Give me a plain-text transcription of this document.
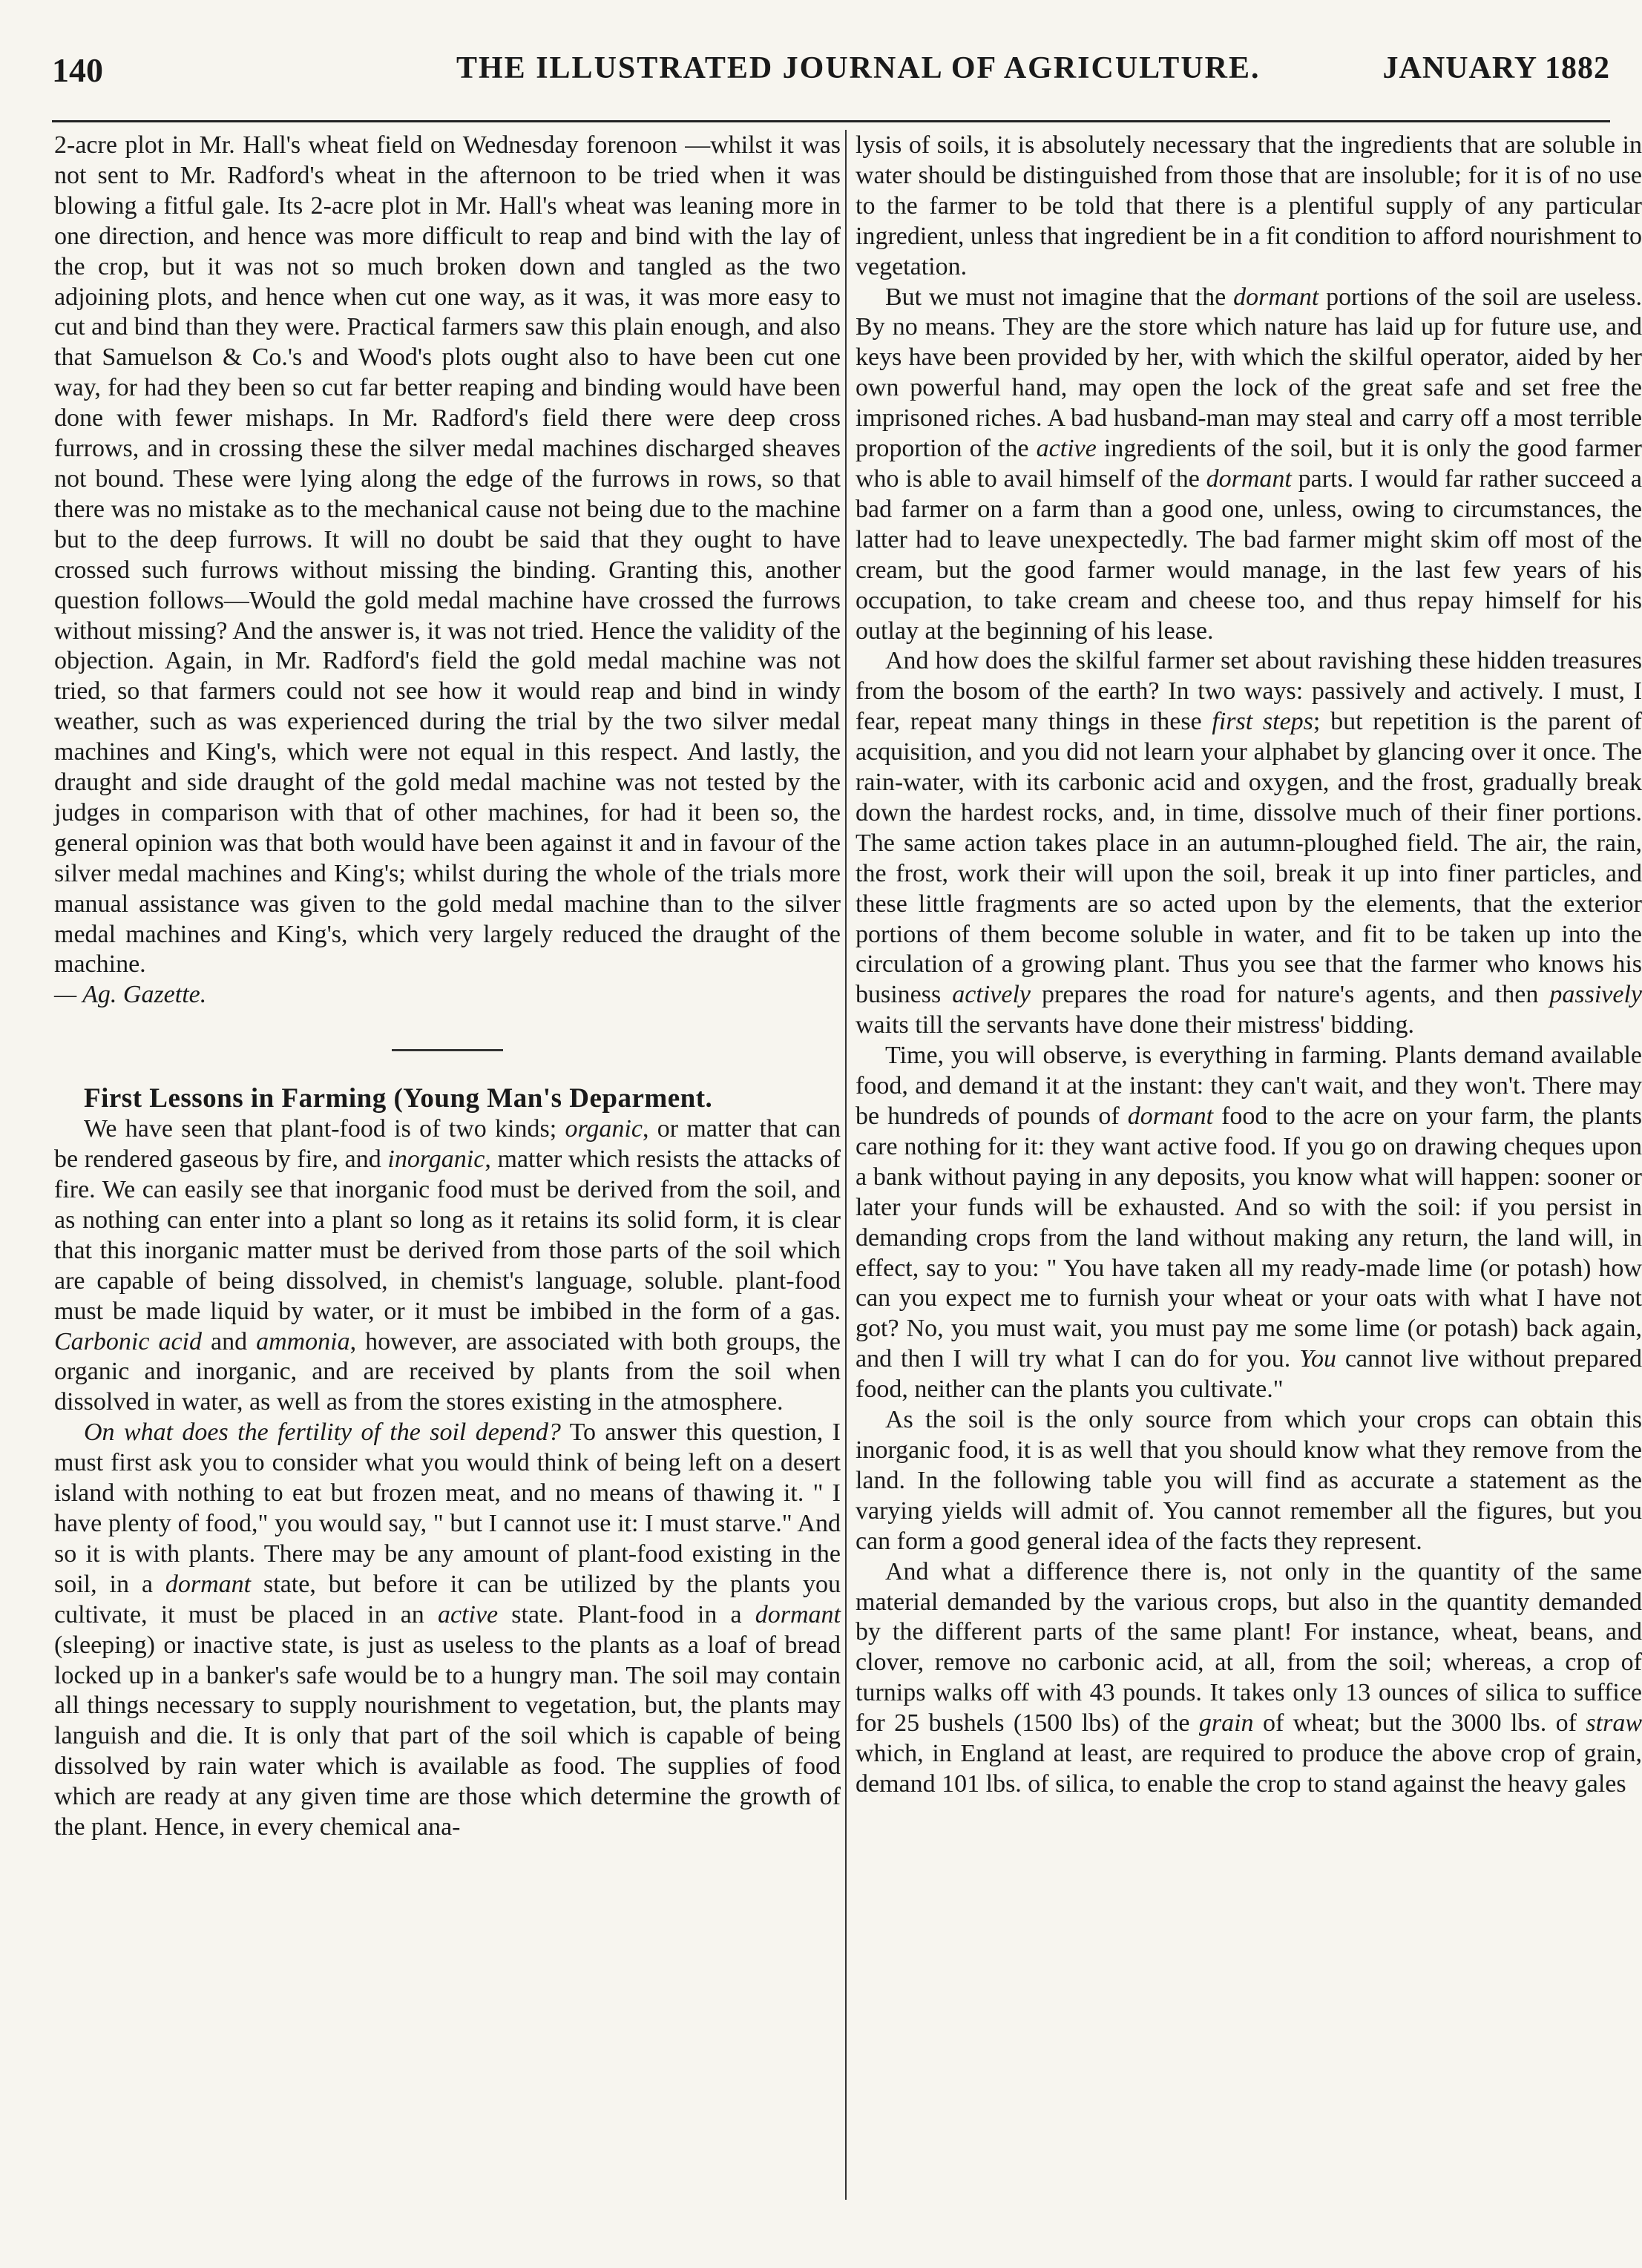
140	THE ILLUSTRATED JOURNAL OF AGRICULTURE.	JANUARY 1882

2-acre plot in Mr. Hall's wheat field on Wednesday forenoon —whilst it was not sent to Mr. Radford's wheat in the afternoon to be tried when it was blowing a fitful gale. Its 2-acre plot in Mr. Hall's wheat was leaning more in one direction, and hence was more difficult to reap and bind with the lay of the crop, but it was not so much broken down and tangled as the two adjoining plots, and hence when cut one way, as it was, it was more easy to cut and bind than they were. Practical farmers saw this plain enough, and also that Samuelson & Co.'s and Wood's plots ought also to have been cut one way, for had they been so cut far better reaping and binding would have been done with fewer mishaps. In Mr. Radford's field there were deep cross furrows, and in crossing these the silver medal machines discharged sheaves not bound. These were lying along the edge of the furrows in rows, so that there was no mistake as to the mechanical cause not being due to the machine but to the deep furrows. It will no doubt be said that they ought to have crossed such furrows without missing the binding. Granting this, another question follows—Would the gold medal machine have crossed the furrows without missing? And the answer is, it was not tried. Hence the validity of the objection. Again, in Mr. Radford's field the gold medal machine was not tried, so that farmers could not see how it would reap and bind in windy weather, such as was experienced during the trial by the two silver medal machines and King's, which were not equal in this respect. And lastly, the draught and side draught of the gold medal machine was not tested by the judges in comparison with that of other machines, for had it been so, the general opinion was that both would have been against it and in favour of the silver medal machines and King's; whilst during the whole of the trials more manual assistance was given to the gold medal machine than to the silver medal machines and King's, which very largely reduced the draught of the machine.

— Ag. Gazette.

First Lessons in Farming (Young Man's Deparment.

We have seen that plant-food is of two kinds; organic, or matter that can be rendered gaseous by fire, and inorganic, matter which resists the attacks of fire. We can easily see that inorganic food must be derived from the soil, and as nothing can enter into a plant so long as it retains its solid form, it is clear that this inorganic matter must be derived from those parts of the soil which are capable of being dissolved, in chemist's language, soluble. plant-food must be made liquid by water, or it must be imbibed in the form of a gas. Carbonic acid and ammonia, however, are associated with both groups, the organic and inorganic, and are received by plants from the soil when dissolved in water, as well as from the stores existing in the atmosphere.

On what does the fertility of the soil depend? To answer this question, I must first ask you to consider what you would think of being left on a desert island with nothing to eat but frozen meat, and no means of thawing it. " I have plenty of food," you would say, " but I cannot use it: I must starve." And so it is with plants. There may be any amount of plant-food existing in the soil, in a dormant state, but before it can be utilized by the plants you cultivate, it must be placed in an active state. Plant-food in a dormant (sleeping) or inactive state, is just as useless to the plants as a loaf of bread locked up in a banker's safe would be to a hungry man. The soil may contain all things necessary to supply nourishment to vegetation, but, the plants may languish and die. It is only that part of the soil which is capable of being dissolved by rain water which is available as food. The supplies of food which are ready at any given time are those which determine the growth of the plant. Hence, in every chemical ana-

lysis of soils, it is absolutely necessary that the ingredients that are soluble in water should be distinguished from those that are insoluble; for it is of no use to the farmer to be told that there is a plentiful supply of any particular ingredient, unless that ingredient be in a fit condition to afford nourishment to vegetation.

But we must not imagine that the dormant portions of the soil are useless. By no means. They are the store which nature has laid up for future use, and keys have been provided by her, with which the skilful operator, aided by her own powerful hand, may open the lock of the great safe and set free the imprisoned riches. A bad husband-man may steal and carry off a most terrible proportion of the active ingredients of the soil, but it is only the good farmer who is able to avail himself of the dormant parts. I would far rather succeed a bad farmer on a farm than a good one, unless, owing to circumstances, the latter had to leave unexpectedly. The bad farmer might skim off most of the cream, but the good farmer would manage, in the last few years of his occupation, to take cream and cheese too, and thus repay himself for his outlay at the beginning of his lease.

And how does the skilful farmer set about ravishing these hidden treasures from the bosom of the earth? In two ways: passively and actively. I must, I fear, repeat many things in these first steps; but repetition is the parent of acquisition, and you did not learn your alphabet by glancing over it once. The rain-water, with its carbonic acid and oxygen, and the frost, gradually break down the hardest rocks, and, in time, dissolve much of their finer portions. The same action takes place in an autumn-ploughed field. The air, the rain, the frost, work their will upon the soil, break it up into finer particles, and these little fragments are so acted upon by the elements, that the exterior portions of them become soluble in water, and fit to be taken up into the circulation of a growing plant. Thus you see that the farmer who knows his business actively prepares the road for nature's agents, and then passively waits till the servants have done their mistress' bidding.

Time, you will observe, is everything in farming. Plants demand available food, and demand it at the instant: they can't wait, and they won't. There may be hundreds of pounds of dormant food to the acre on your farm, the plants care nothing for it: they want active food. If you go on drawing cheques upon a bank without paying in any deposits, you know what will happen: sooner or later your funds will be exhausted. And so with the soil: if you persist in demanding crops from the land without making any return, the land will, in effect, say to you: " You have taken all my ready-made lime (or potash) how can you expect me to furnish your wheat or your oats with what I have not got? No, you must wait, you must pay me some lime (or potash) back again, and then I will try what I can do for you. You cannot live without prepared food, neither can the plants you cultivate."

As the soil is the only source from which your crops can obtain this inorganic food, it is as well that you should know what they remove from the land. In the following table you will find as accurate a statement as the varying yields will admit of. You cannot remember all the figures, but you can form a good general idea of the facts they represent.

And what a difference there is, not only in the quantity of the same material demanded by the various crops, but also in the quantity demanded by the different parts of the same plant! For instance, wheat, beans, and clover, remove no carbonic acid, at all, from the soil; whereas, a crop of turnips walks off with 43 pounds. It takes only 13 ounces of silica to suffice for 25 bushels (1500 lbs) of the grain of wheat; but the 3000 lbs. of straw which, in England at least, are required to produce the above crop of grain, demand 101 lbs. of silica, to enable the crop to stand against the heavy gales
